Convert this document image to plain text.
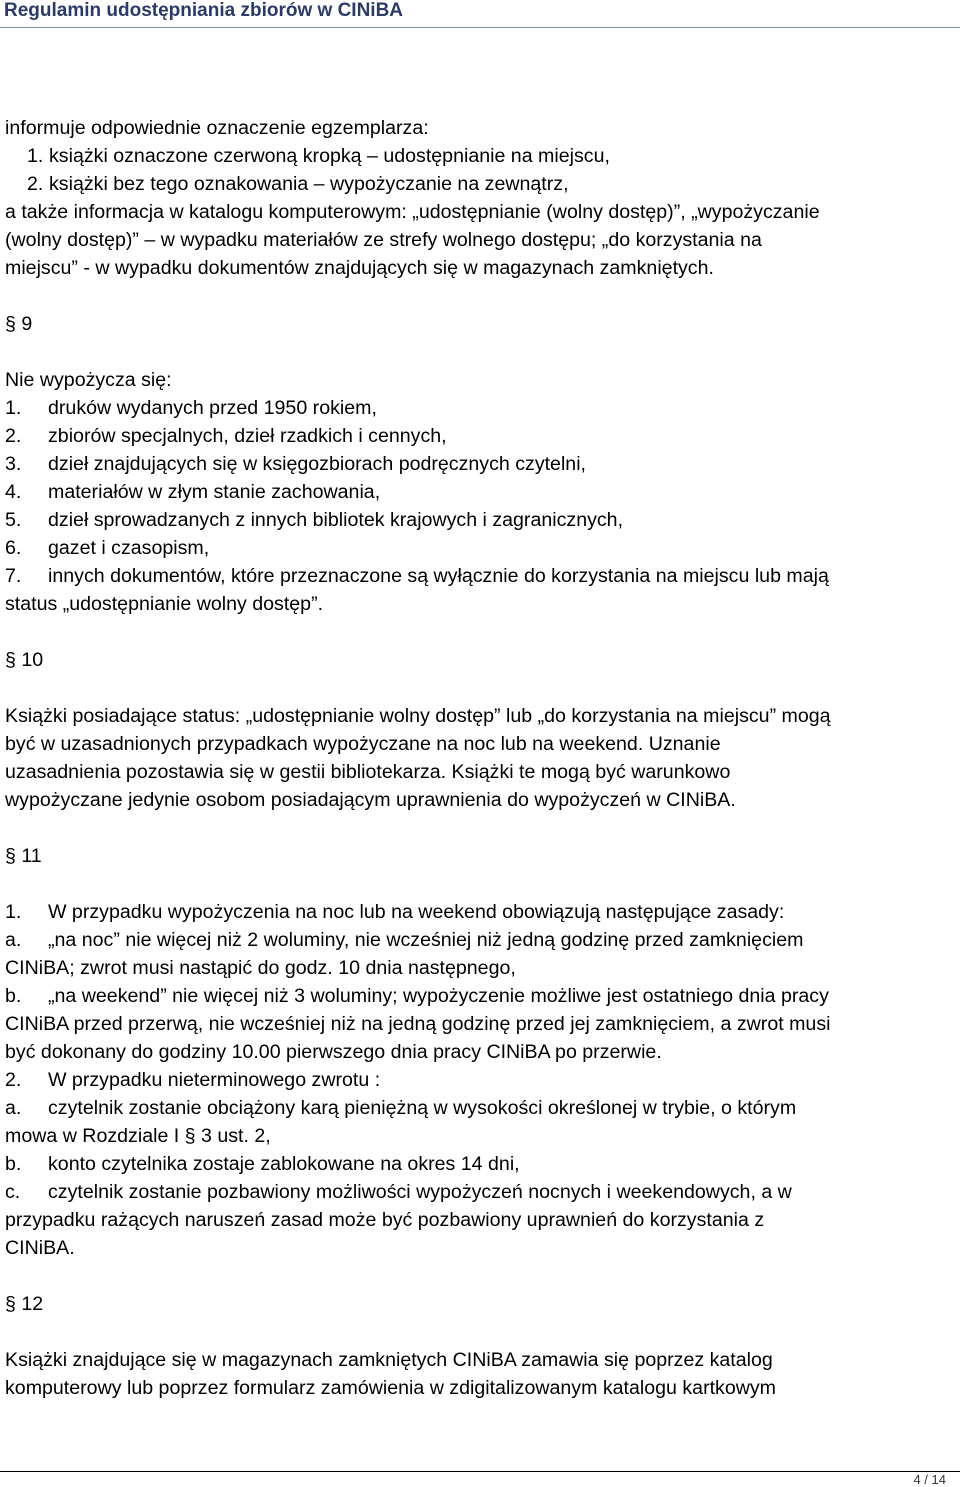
Regulamin udostępniania zbiorów w CINiBA
informuje odpowiednie oznaczenie egzemplarza:
1. książki oznaczone czerwoną kropką – udostępnianie na miejscu,
2. książki bez tego oznakowania – wypożyczanie na zewnątrz,
a także informacja w katalogu komputerowym: „udostępnianie (wolny dostęp)”, „wypożyczanie
(wolny dostęp)” – w wypadku materiałów ze strefy wolnego dostępu; „do korzystania na
miejscu” - w wypadku dokumentów znajdujących się w magazynach zamkniętych.
§ 9
Nie wypożycza się:
1. druków wydanych przed 1950 rokiem,
2. zbiorów specjalnych, dzieł rzadkich i cennych,
3. dzieł znajdujących się w księgozbiorach podręcznych czytelni,
4. materiałów w złym stanie zachowania,
5. dzieł sprowadzanych z innych bibliotek krajowych i zagranicznych,
6. gazet i czasopism,
7. innych dokumentów, które przeznaczone są wyłącznie do korzystania na miejscu lub mają
status „udostępnianie wolny dostęp”.
§ 10
Książki posiadające status: „udostępnianie wolny dostęp” lub „do korzystania na miejscu” mogą
być w uzasadnionych przypadkach wypożyczane na noc lub na weekend. Uznanie
uzasadnienia pozostawia się w gestii bibliotekarza. Książki te mogą być warunkowo
wypożyczane jedynie osobom posiadającym uprawnienia do wypożyczeń w CINiBA.
§ 11
1. W przypadku wypożyczenia na noc lub na weekend obowiązują następujące zasady:
a. „na noc” nie więcej niż 2 woluminy, nie wcześniej niż jedną godzinę przed zamknięciem
CINiBA; zwrot musi nastąpić do godz. 10 dnia następnego,
b. „na weekend” nie więcej niż 3 woluminy; wypożyczenie możliwe jest ostatniego dnia pracy
CINiBA przed przerwą, nie wcześniej niż na jedną godzinę przed jej zamknięciem, a zwrot musi
być dokonany do godziny 10.00 pierwszego dnia pracy CINiBA po przerwie.
2. W przypadku nieterminowego zwrotu :
a. czytelnik zostanie obciążony karą pieniężną w wysokości określonej w trybie, o którym
mowa w Rozdziale I § 3 ust. 2,
b. konto czytelnika zostaje zablokowane na okres 14 dni,
c. czytelnik zostanie pozbawiony możliwości wypożyczeń nocnych i weekendowych, a w
przypadku rażących naruszeń zasad może być pozbawiony uprawnień do korzystania z
CINiBA.
§ 12
Książki znajdujące się w magazynach zamkniętych CINiBA zamawia się poprzez katalog
komputerowy lub poprzez formularz zamówienia w zdigitalizowanym katalogu kartkowym
4 / 14
